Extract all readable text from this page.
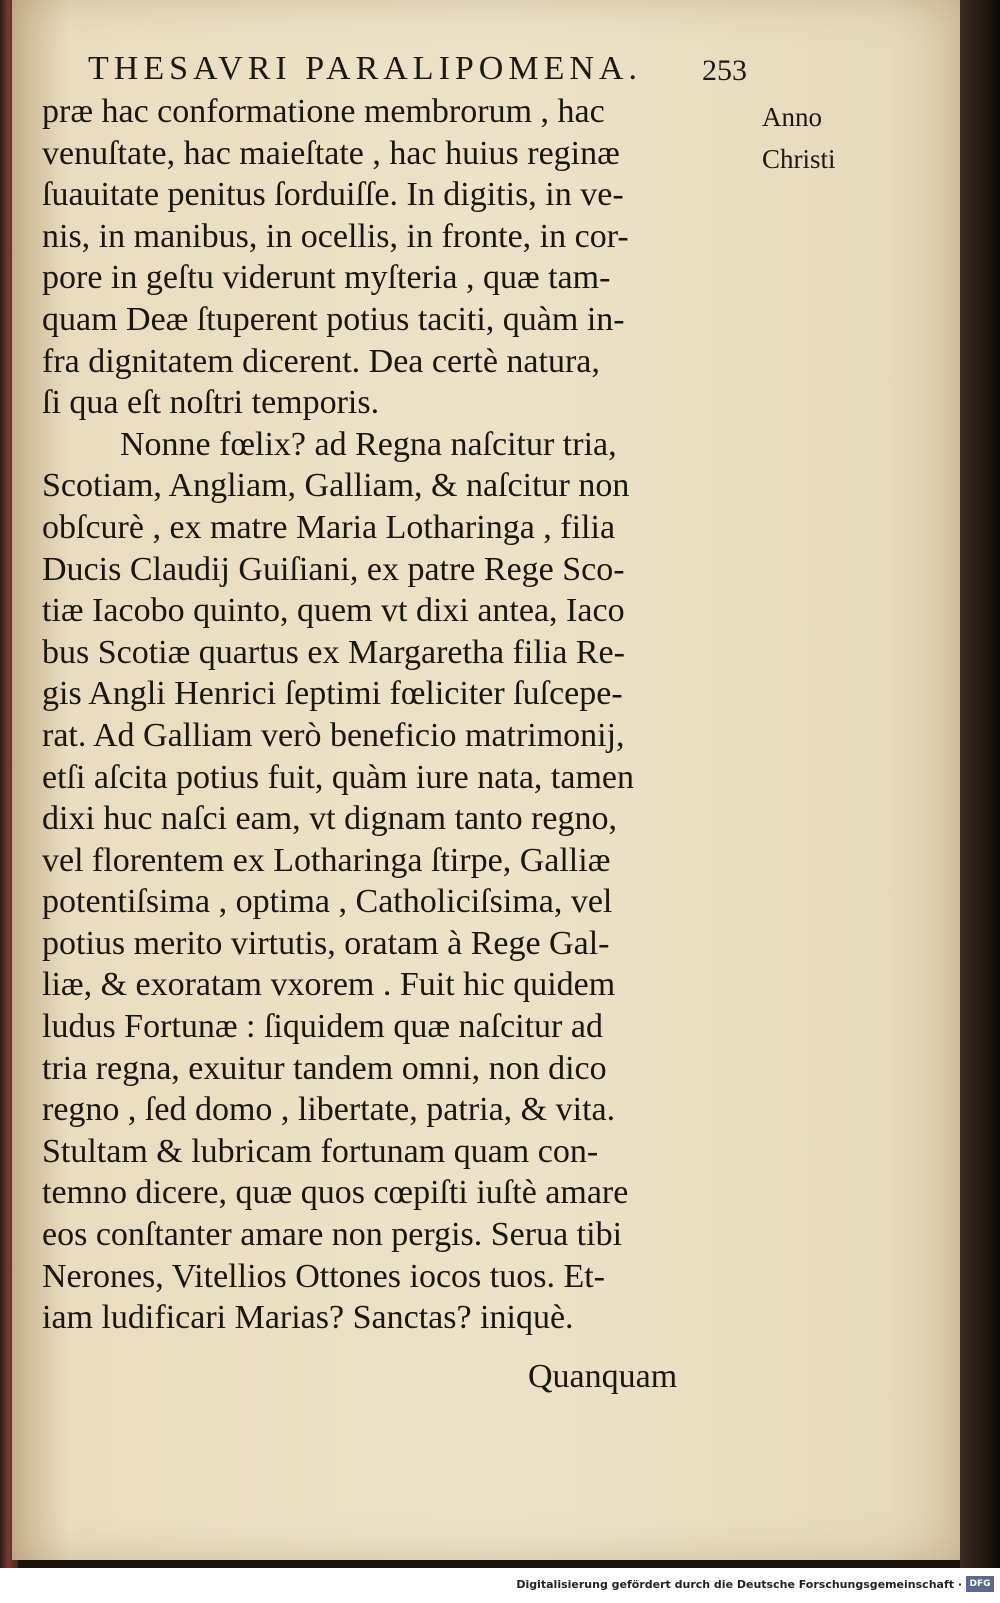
THESAVRI PARALIPOMENA.	253
Anno
Christi
præ hac conformatione membrorum , hac
venuſtate, hac maieſtate , hac huius reginæ
ſuauitate penitus ſorduiſſe. In digitis, in ve-
nis, in manibus, in ocellis, in fronte, in cor-
pore in geſtu viderunt myſteria , quæ tam-
quam Deæ ſtuperent potius taciti, quàm in-
fra dignitatem dicerent. Dea certè natura,
ſi qua eſt noſtri temporis.
Nonne fœlix? ad Regna naſcitur tria,
Scotiam, Angliam, Galliam, & naſcitur non
obſcurè , ex matre Maria Lotharinga , filia
Ducis Claudij Guiſiani, ex patre Rege Sco-
tiæ Iacobo quinto, quem vt dixi antea, Iaco
bus Scotiæ quartus ex Margaretha filia Re-
gis Angli Henrici ſeptimi fœliciter ſuſcepe-
rat. Ad Galliam verò beneficio matrimonij,
etſi aſcita potius fuit, quàm iure nata, tamen
dixi huc naſci eam, vt dignam tanto regno,
vel florentem ex Lotharinga ſtirpe, Galliæ
potentiſsima , optima , Catholiciſsima, vel
potius merito virtutis, oratam à Rege Gal-
liæ, & exoratam vxorem . Fuit hic quidem
ludus Fortunæ : ſiquidem quæ naſcitur ad
tria regna, exuitur tandem omni, non dico
regno , ſed domo , libertate, patria, & vita.
Stultam & lubricam fortunam quam con-
temno dicere, quæ quos cœpiſti iuſtè amare
eos conſtanter amare non pergis. Serua tibi
Nerones, Vitellios Ottones iocos tuos. Et-
iam ludificari Marias? Sanctas? iniquè.
Quanquam
Digitalisierung gefördert durch die Deutsche Forschungsgemeinschaft · DFG
